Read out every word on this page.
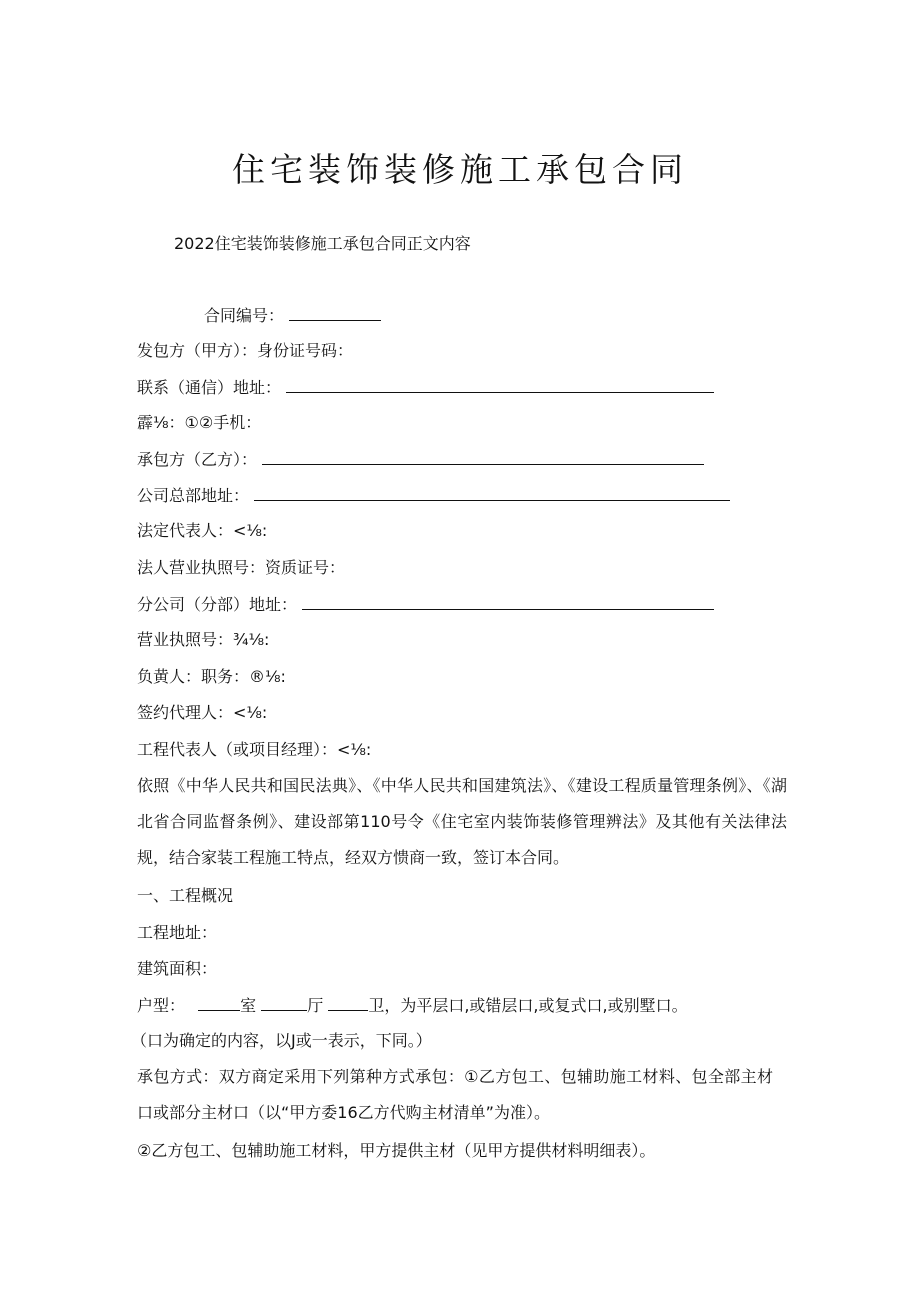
住宅装饰装修施工承包合同
2022住宅装饰装修施工承包合同正文内容
合同编号：
发包方（甲方）：身份证号码：
联系（通信）地址：
霹⅛：①②手机：
承包方（乙方）：
公司总部地址：
法定代表人：<⅛:
法人营业执照号：资质证号：
分公司（分部）地址：
营业执照号：¾⅛:
负黄人：职务：®⅛:
签约代理人：<⅛:
工程代表人（或项目经理）：<⅛:
依照《中华人民共和国民法典》、《中华人民共和国建筑法》、《建设工程质量管理条例》、《湖北省合同监督条例》、建设部第110号令《住宅室内装饰装修管理辨法》及其他有关法律法规，结合家装工程施工特点，经双方愦商一致，签订本合同。
一、工程概况
工程地址：
建筑面积：
户型：	室	厅	卫，为平层口,或错层口,或复式口,或别墅口。
（口为确定的内容，以J或一表示，下同。）
承包方式：双方商定采用下列第种方式承包：①乙方包工、包辅助施工材料、包全部主材口或部分主材口（以“甲方委16乙方代购主材清单”为准）。
②乙方包工、包辅助施工材料，甲方提供主材（见甲方提供材料明细表）。
